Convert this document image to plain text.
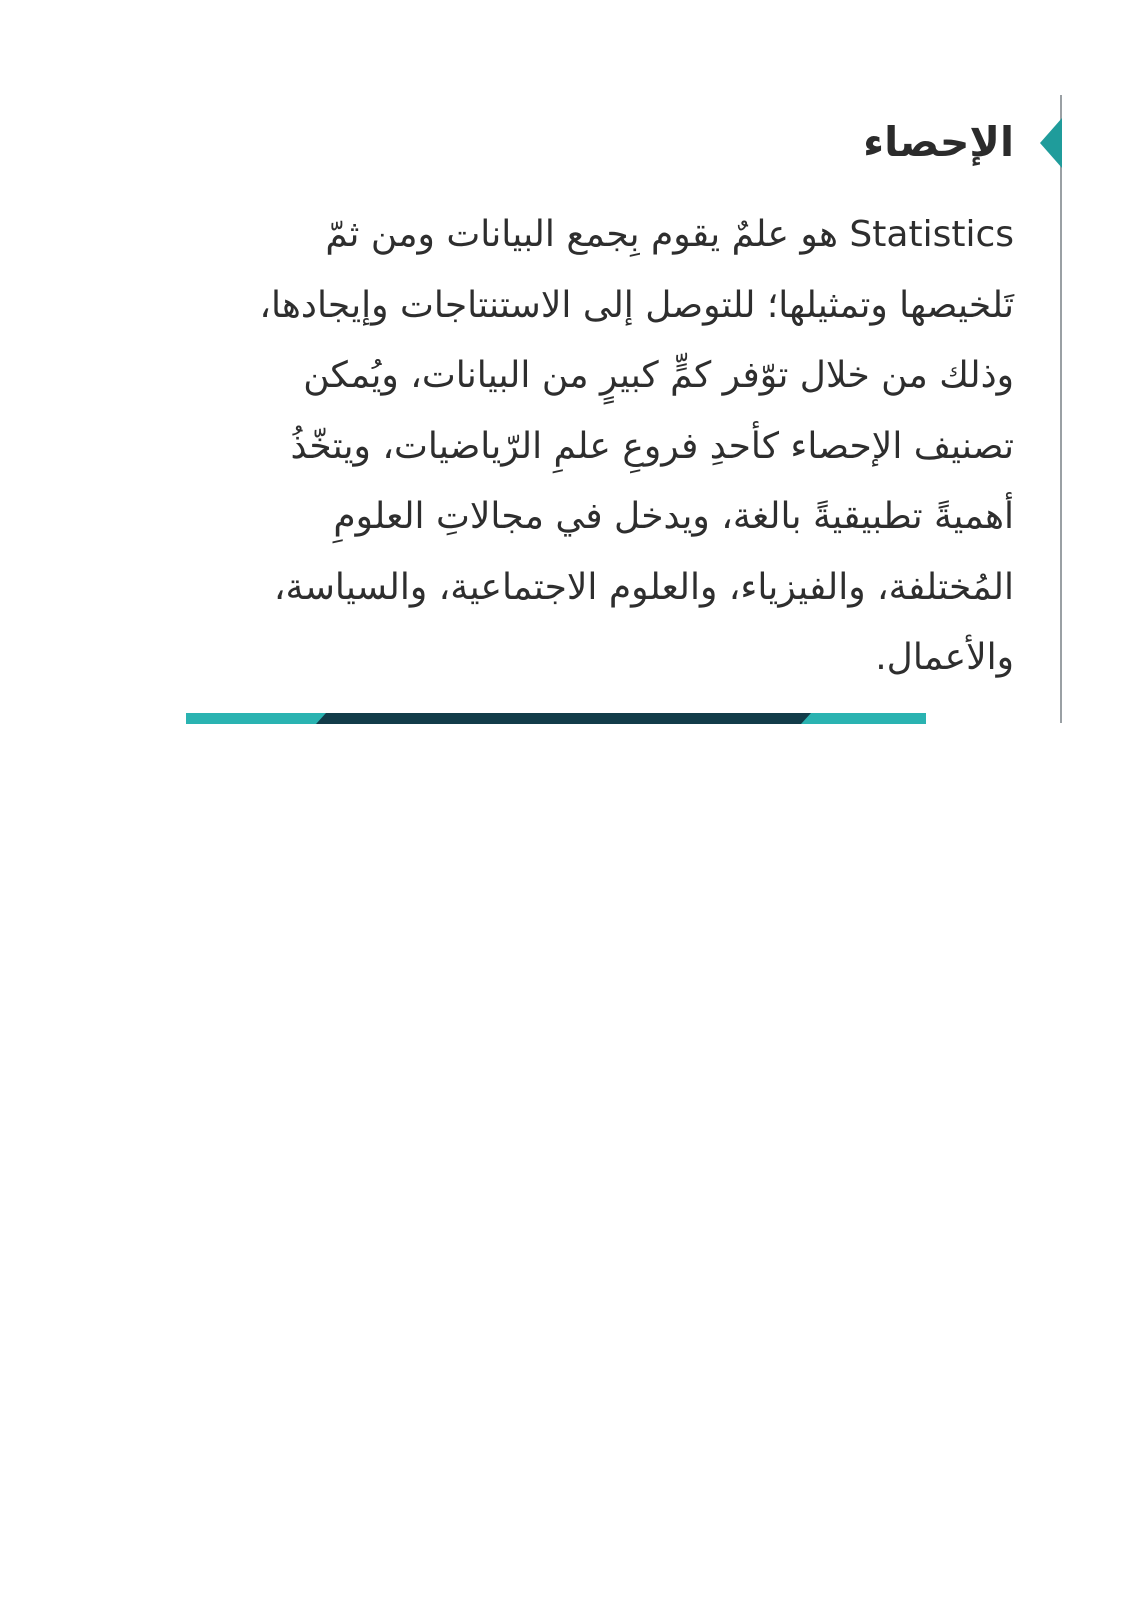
الإحصاء

Statistics هو علمٌ يقوم بِجمع البيانات ومن ثمّ
تَلخيصها وتمثيلها؛ للتوصل إلى الاستنتاجات وإيجادها،
وذلك من خلال توّفر كمٍّ كبيرٍ من البيانات، ويُمكن
تصنيف الإحصاء كأحدِ فروعِ علمِ الرّياضيات، ويتخّذُ
أهميةً تطبيقيةً بالغة، ويدخل في مجالاتِ العلومِ
المُختلفة، والفيزياء، والعلوم الاجتماعية، والسياسة،
والأعمال.
